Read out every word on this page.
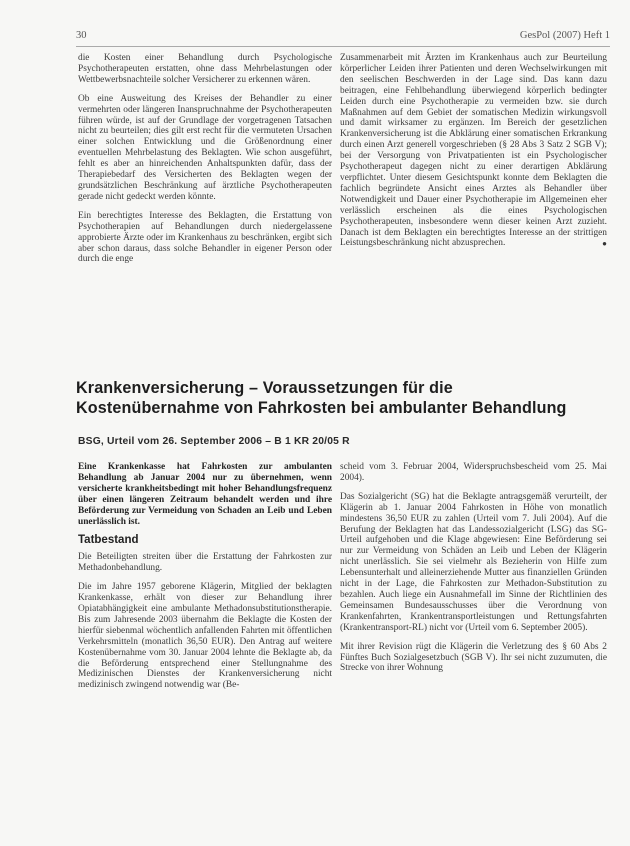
30	GesPol (2007) Heft 1

die Kosten einer Behandlung durch Psychologische Psychotherapeuten erstatten, ohne dass Mehrbelastungen oder Wettbewerbsnachteile solcher Versicherer zu erkennen wären.

Ob eine Ausweitung des Kreises der Behandler zu einer vermehrten oder längeren Inanspruchnahme der Psychotherapeuten führen würde, ist auf der Grundlage der vorgetragenen Tatsachen nicht zu beurteilen; dies gilt erst recht für die vermuteten Ursachen einer solchen Entwicklung und die Größenordnung einer eventuellen Mehrbelastung des Beklagten. Wie schon ausgeführt, fehlt es aber an hinreichenden Anhaltspunkten dafür, dass der Therapiebedarf des Versicherten des Beklagten wegen der grundsätzlichen Beschränkung auf ärztliche Psychotherapeuten gerade nicht gedeckt werden könnte.

Ein berechtigtes Interesse des Beklagten, die Erstattung von Psychotherapien auf Behandlungen durch niedergelassene approbierte Ärzte oder im Krankenhaus zu beschränken, ergibt sich aber schon daraus, dass solche Behandler in eigener Person oder durch die enge

Zusammenarbeit mit Ärzten im Krankenhaus auch zur Beurteilung körperlicher Leiden ihrer Patienten und deren Wechselwirkungen mit den seelischen Beschwerden in der Lage sind. Das kann dazu beitragen, eine Fehlbehandlung überwiegend körperlich bedingter Leiden durch eine Psychotherapie zu vermeiden bzw. sie durch Maßnahmen auf dem Gebiet der somatischen Medizin wirkungsvoll und damit wirksamer zu ergänzen. Im Bereich der gesetzlichen Krankenversicherung ist die Abklärung einer somatischen Erkrankung durch einen Arzt generell vorgeschrieben (§ 28 Abs 3 Satz 2 SGB V); bei der Versorgung von Privatpatienten ist ein Psychologischer Psychotherapeut dagegen nicht zu einer derartigen Abklärung verpflichtet. Unter diesem Gesichtspunkt konnte dem Beklagten die fachlich begründete Ansicht eines Arztes als Behandler über Notwendigkeit und Dauer einer Psychotherapie im Allgemeinen eher verlässlich erscheinen als die eines Psychologischen Psychotherapeuten, insbesondere wenn dieser keinen Arzt zuzieht. Danach ist dem Beklagten ein berechtigtes Interesse an der strittigen Leistungsbeschränkung nicht abzusprechen.	●

Krankenversicherung – Voraussetzungen für die Kostenübernahme von Fahrkosten bei ambulanter Behandlung
BSG, Urteil vom 26. September 2006 – B 1 KR 20/05 R

Eine Krankenkasse hat Fahrkosten zur ambulanten Behandlung ab Januar 2004 nur zu übernehmen, wenn versicherte krankheitsbedingt mit hoher Behandlungsfrequenz über einen längeren Zeitraum behandelt werden und ihre Beförderung zur Vermeidung von Schaden an Leib und Leben unerlässlich ist.

Tatbestand

Die Beteiligten streiten über die Erstattung der Fahrkosten zur Methadonbehandlung.

Die im Jahre 1957 geborene Klägerin, Mitglied der beklagten Krankenkasse, erhält von dieser zur Behandlung ihrer Opiatabhängigkeit eine ambulante Methadonsubstitutionstherapie. Bis zum Jahresende 2003 übernahm die Beklagte die Kosten der hierfür siebenmal wöchentlich anfallenden Fahrten mit öffentlichen Verkehrsmitteln (monatlich 36,50 EUR). Den Antrag auf weitere Kostenübernahme vom 30. Januar 2004 lehnte die Beklagte ab, da die Beförderung entsprechend einer Stellungnahme des Medizinischen Dienstes der Krankenversicherung nicht medizinisch zwingend notwendig war (Be-

scheid vom 3. Februar 2004, Widerspruchsbescheid vom 25. Mai 2004).

Das Sozialgericht (SG) hat die Beklagte antragsgemäß verurteilt, der Klägerin ab 1. Januar 2004 Fahrkosten in Höhe von monatlich mindestens 36,50 EUR zu zahlen (Urteil vom 7. Juli 2004). Auf die Berufung der Beklagten hat das Landessozialgericht (LSG) das SG-Urteil aufgehoben und die Klage abgewiesen: Eine Beförderung sei nur zur Vermeidung von Schäden an Leib und Leben der Klägerin nicht unerlässlich. Sie sei vielmehr als Bezieherin von Hilfe zum Lebensunterhalt und alleinerziehende Mutter aus finanziellen Gründen nicht in der Lage, die Fahrkosten zur Methadon-Substitution zu bezahlen. Auch liege ein Ausnahmefall im Sinne der Richtlinien des Gemeinsamen Bundesausschusses über die Verordnung von Krankenfahrten, Krankentransportleistungen und Rettungsfahrten (Krankentransport-RL) nicht vor (Urteil vom 6. September 2005).

Mit ihrer Revision rügt die Klägerin die Verletzung des § 60 Abs 2 Fünftes Buch Sozialgesetzbuch (SGB V). Ihr sei nicht zuzumuten, die Strecke von ihrer Wohnung
